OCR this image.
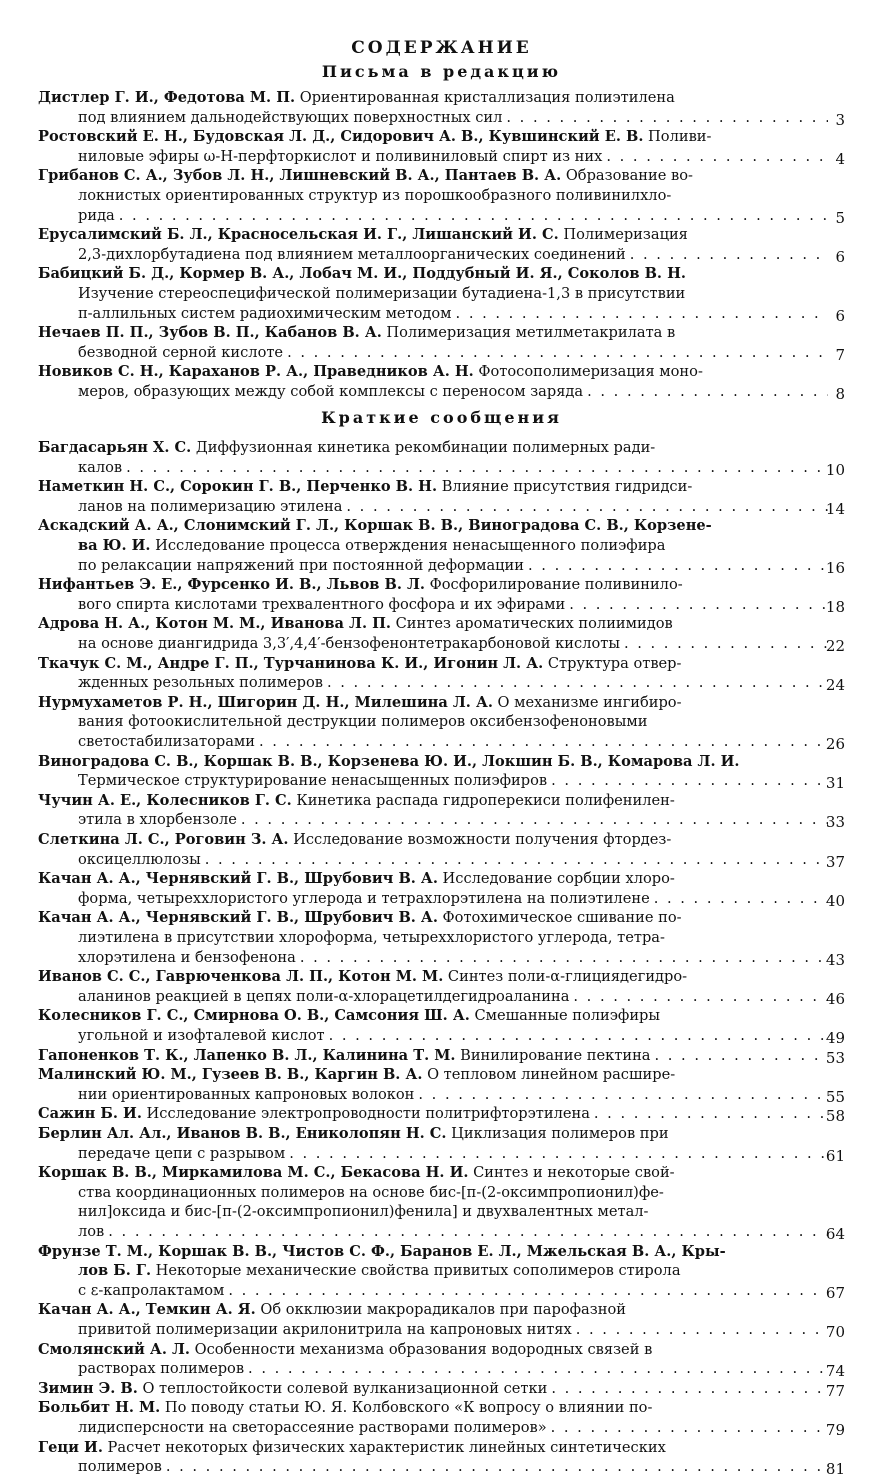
СОДЕРЖАНИЕ
Письма в редакцию
Дистлер Г. И., Федотова М. П. Ориентированная кристаллизация полиэтилена
под влиянием дальнодействующих поверхностных сил . . .	3
Ростовский Е. Н., Будовская Л. Д., Сидорович А. В., Кувшинский Е. В. Поливи-
ниловые эфиры ω-Н-перфторкислот и поливиниловый спирт из них . . .	4
Грибанов С. А., Зубов Л. Н., Лишневский В. А., Пантаев В. А. Образование во-
локнистых ориентированных структур из порошкообразного поливинилхло-
рида . . .	5
Ерусалимский Б. Л., Красносельская И. Г., Лишанский И. С. Полимеризация
2,3-дихлорбутадиена под влиянием металлоорганических соединений . . .	6
Бабицкий Б. Д., Кормер В. А., Лобач М. И., Поддубный И. Я., Соколов В. Н.
Изучение стереоспецифической полимеризации бутадиена-1,3 в присутствии
π-аллильных систем радиохимическим методом . . .	6
Нечаев П. П., Зубов В. П., Кабанов В. А. Полимеризация метилметакрилата в
безводной серной кислоте . . .	7
Новиков С. Н., Караханов Р. А., Праведников А. Н. Фотосополимеризация моно-
меров, образующих между собой комплексы с переносом заряда . . .	8
Краткие сообщения
Багдасарьян Х. С. Диффузионная кинетика рекомбинации полимерных ради-
калов . . .	10
Наметкин Н. С., Сорокин Г. В., Перченко В. Н. Влияние присутствия гидридси-
ланов на полимеризацию этилена . . .	14
Аскадский А. А., Слонимский Г. Л., Коршак В. В., Виноградова С. В., Корзене-
ва Ю. И. Исследование процесса отверждения ненасыщенного полиэфира
по релаксации напряжений при постоянной деформации . . .	16
Нифантьев Э. Е., Фурсенко И. В., Львов В. Л. Фосфорилирование поливинило-
вого спирта кислотами трехвалентного фосфора и их эфирами . . .	18
Адрова Н. А., Котон М. М., Иванова Л. П. Синтез ароматических полиимидов
на основе диангидрида 3,3′,4,4′-бензофенонтетракарбоновой кислоты . . .	22
Ткачук С. М., Андре Г. П., Турчанинова К. И., Игонин Л. А. Структура отвер-
жденных резольных полимеров . . .	24
Нурмухаметов Р. Н., Шигорин Д. Н., Милешина Л. А. О механизме ингибиро-
вания фотоокислительной деструкции полимеров оксибензофеноновыми
светостабилизаторами . . .	26
Виноградова С. В., Коршак В. В., Корзенева Ю. И., Локшин Б. В., Комарова Л. И.
Термическое структурирование ненасыщенных полиэфиров . . .	31
Чучин А. Е., Колесников Г. С. Кинетика распада гидроперекиси полифенилен-
этила в хлорбензоле . . .	33
Слеткина Л. С., Роговин З. А. Исследование возможности получения фтордез-
оксицеллюлозы . . .	37
Качан А. А., Чернявский Г. В., Шрубович В. А. Исследование сорбции хлоро-
форма, четыреххлористого углерода и тетрахлорэтилена на полиэтилене . . .	40
Качан А. А., Чернявский Г. В., Шрубович В. А. Фотохимическое сшивание по-
лиэтилена в присутствии хлороформа, четыреххлористого углерода, тетра-
хлорэтилена и бензофенона . . .	43
Иванов С. С., Гаврюченкова Л. П., Котон М. М. Синтез поли-α-глициядегидро-
аланинов реакцией в цепях поли-α-хлорацетилдегидроаланина . . .	46
Колесников Г. С., Смирнова О. В., Самсония Ш. А. Смешанные полиэфиры
угольной и изофталевой кислот . . .	49
Гапоненков Т. К., Лапенко В. Л., Калинина Т. М. Винилирование пектина . . .	53
Малинский Ю. М., Гузеев В. В., Каргин В. А. О тепловом линейном расшире-
нии ориентированных капроновых волокон . . .	55
Сажин Б. И. Исследование электропроводности политрифторэтилена . . .	58
Берлин Ал. Ал., Иванов В. В., Ениколопян Н. С. Циклизация полимеров при
передаче цепи с разрывом . . .	61
Коршак В. В., Миркамилова М. С., Бекасова Н. И. Синтез и некоторые свой-
ства координационных полимеров на основе бис-[п-(2-оксимпропионил)фе-
нил]оксида и бис-[п-(2-оксимпропионил)фенила] и двухвалентных метал-
лов . . .	64
Фрунзе Т. М., Коршак В. В., Чистов С. Ф., Баранов Е. Л., Мжельская В. А., Кры-
лов Б. Г. Некоторые механические свойства привитых сополимеров стирола
с ε-капролактамом . . .	67
Качан А. А., Темкин А. Я. Об окклюзии макрорадикалов при парофазной
привитой полимеризации акрилонитрила на капроновых нитях . . .	70
Смолянский А. Л. Особенности механизма образования водородных связей в
растворах полимеров . . .	74
Зимин Э. В. О теплостойкости солевой вулканизационной сетки . . .	77
Больбит Н. М. По поводу статьи Ю. Я. Колбовского «К вопросу о влиянии по-
лидисперсности на светорассеяние растворами полимеров» . . .	79
Геци И. Расчет некоторых физических характеристик линейных синтетических
полимеров . . .	81
